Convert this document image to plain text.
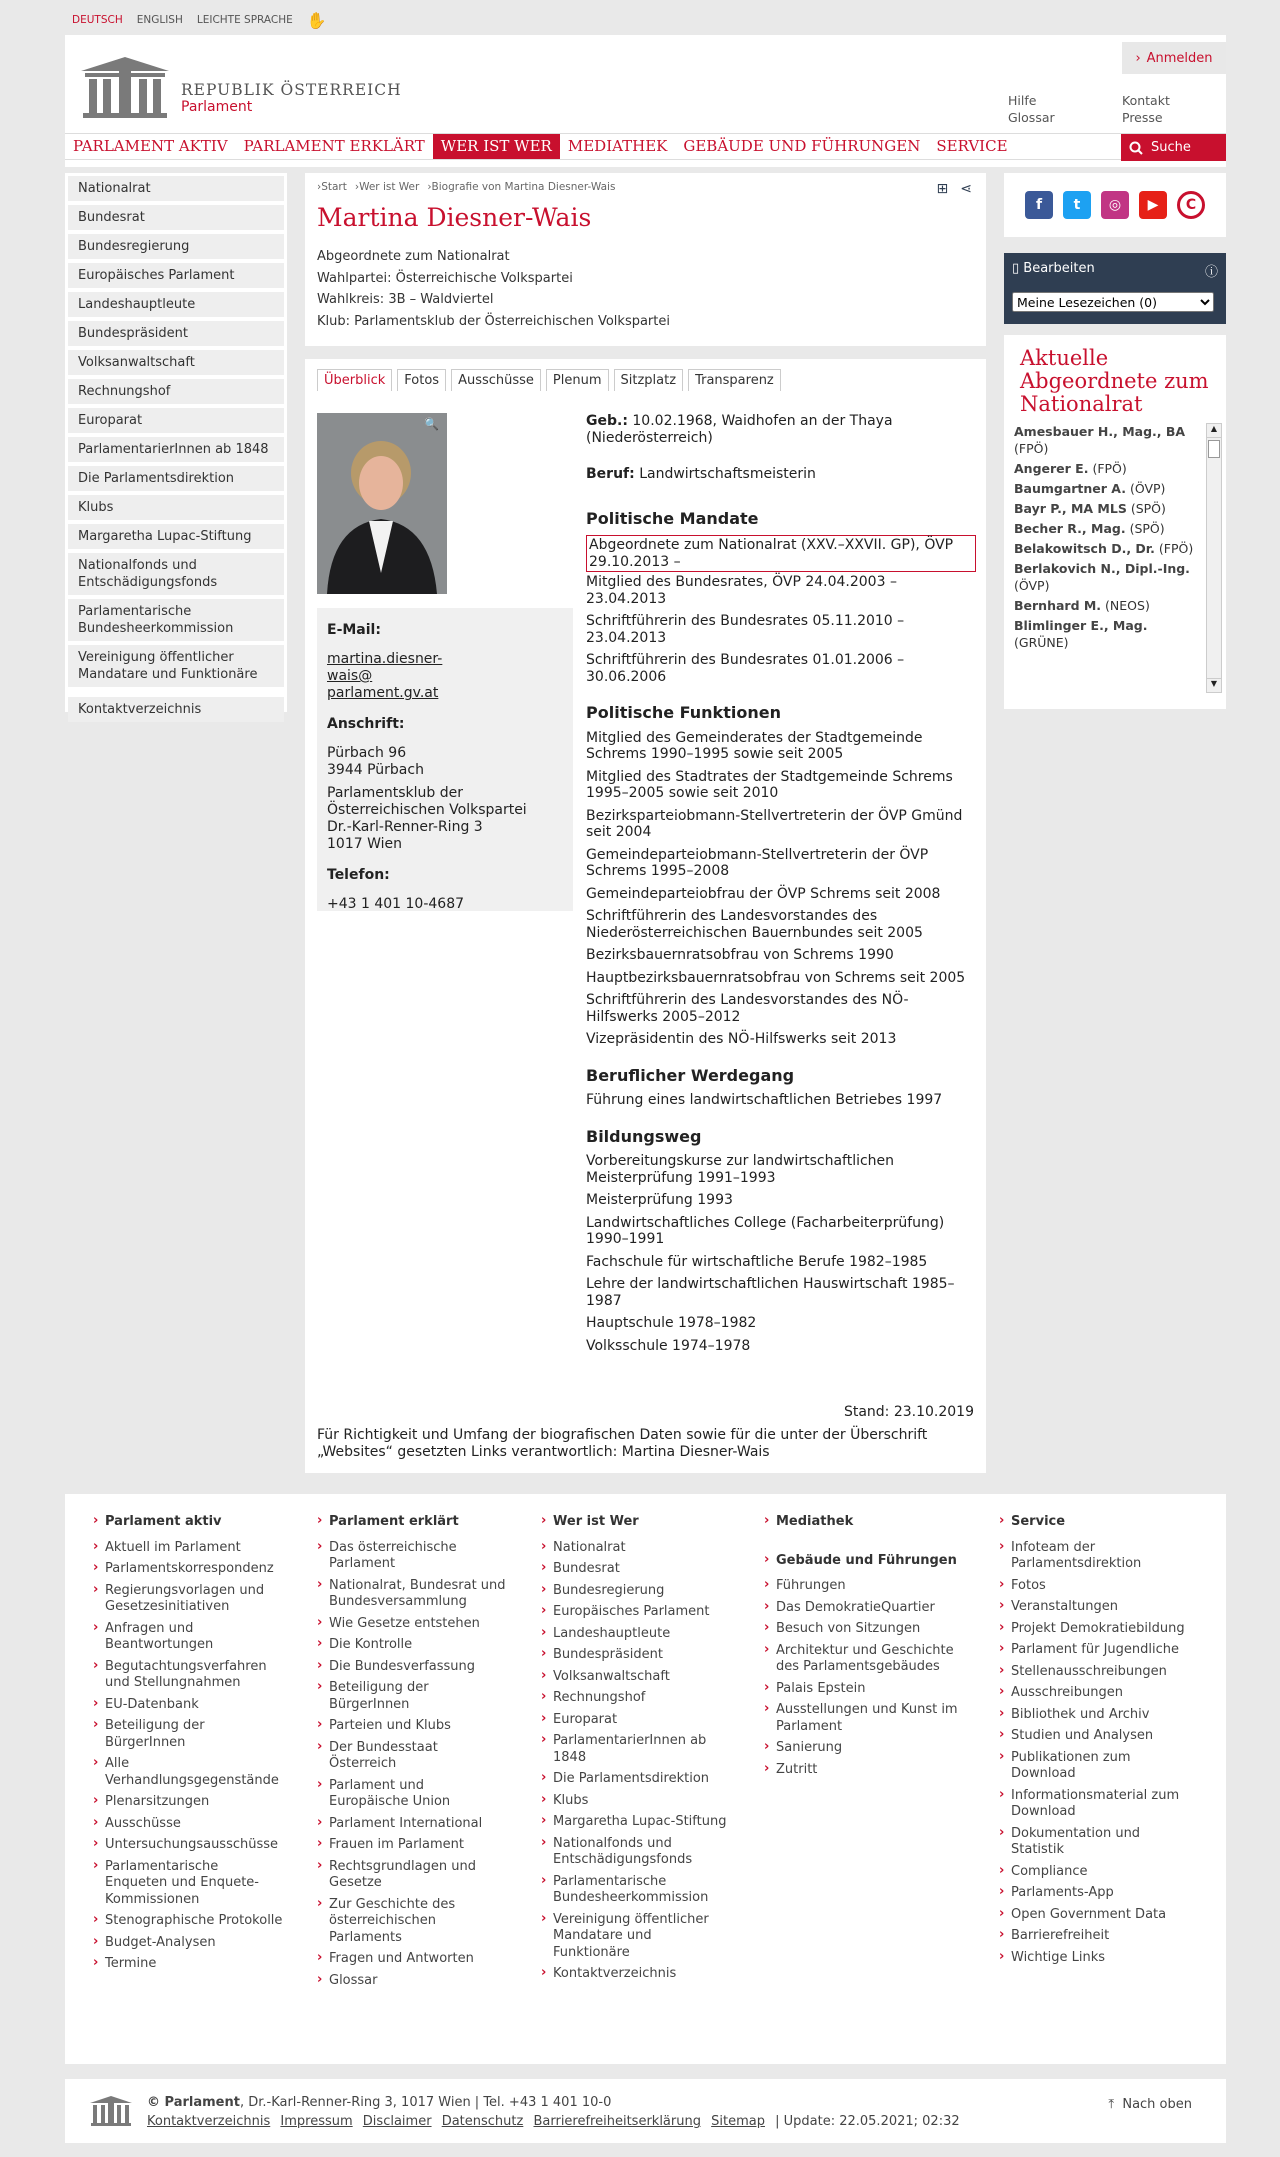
DEUTSCH ENGLISH LEICHTE SPRACHE ✋
REPUBLIK ÖSTERREICH
Parlament
› Anmelden
Hilfe
Glossar
Kontakt
Presse
PARLAMENT AKTIV	PARLAMENT ERKLÄRT	WER IST WER	MEDIATHEK	GEBÄUDE UND FÜHRUNGEN	SERVICE	Suche
Nationalrat
Bundesrat
Bundesregierung
Europäisches Parlament
Landeshauptleute
Bundespräsident
Volksanwaltschaft
Rechnungshof
Europarat
ParlamentarierInnen ab 1848
Die Parlamentsdirektion
Klubs
Margaretha Lupac-Stiftung
Nationalfonds und Entschädigungsfonds
Parlamentarische Bundesheerkommission
Vereinigung öffentlicher Mandatare und Funktionäre
Kontaktverzeichnis
›Start ›Wer ist Wer ›Biografie von Martina Diesner-Wais	⊞ ⋖
Martina Diesner-Wais
Abgeordnete zum Nationalrat
Wahlpartei: Österreichische Volkspartei
Wahlkreis: 3B – Waldviertel
Klub: Parlamentsklub der Österreichischen Volkspartei
Überblick	Fotos	Ausschüsse	Plenum	Sitzplatz	Transparenz
🔍
E-Mail:
martina.diesner-wais@ parlament.gv.at
Anschrift:
Pürbach 96
3944 Pürbach
Parlamentsklub der Österreichischen Volkspartei
Dr.-Karl-Renner-Ring 3
1017 Wien
Telefon:
+43 1 401 10-4687
Geb.: 10.02.1968, Waidhofen an der Thaya (Niederösterreich)
Beruf: Landwirtschaftsmeisterin
Politische Mandate
Abgeordnete zum Nationalrat (XXV.–XXVII. GP), ÖVP 29.10.2013 –
Mitglied des Bundesrates, ÖVP 24.04.2003 – 23.04.2013
Schriftführerin des Bundesrates 05.11.2010 – 23.04.2013
Schriftführerin des Bundesrates 01.01.2006 – 30.06.2006
Politische Funktionen
Mitglied des Gemeinderates der Stadtgemeinde Schrems 1990–1995 sowie seit 2005
Mitglied des Stadtrates der Stadtgemeinde Schrems 1995–2005 sowie seit 2010
Bezirksparteiobmann-Stellvertreterin der ÖVP Gmünd seit 2004
Gemeindeparteiobmann-Stellvertreterin der ÖVP Schrems 1995–2008
Gemeindeparteiobfrau der ÖVP Schrems seit 2008
Schriftführerin des Landesvorstandes des Niederösterreichischen Bauernbundes seit 2005
Bezirksbauernratsobfrau von Schrems 1990
Hauptbezirksbauernratsobfrau von Schrems seit 2005
Schriftführerin des Landesvorstandes des NÖ-Hilfswerks 2005–2012
Vizepräsidentin des NÖ-Hilfswerks seit 2013
Beruflicher Werdegang
Führung eines landwirtschaftlichen Betriebes 1997
Bildungsweg
Vorbereitungskurse zur landwirtschaftlichen Meisterprüfung 1991–1993
Meisterprüfung 1993
Landwirtschaftliches College (Facharbeiterprüfung) 1990–1991
Fachschule für wirtschaftliche Berufe 1982–1985
Lehre der landwirtschaftlichen Hauswirtschaft 1985–1987
Hauptschule 1978–1982
Volksschule 1974–1978
Stand: 23.10.2019
Für Richtigkeit und Umfang der biografischen Daten sowie für die unter der Überschrift „Websites“ gesetzten Links verantwortlich: Martina Diesner-Wais
f	t	◎	▶	C
▯ Bearbeiten	ⓘ
Meine Lesezeichen (0)
Aktuelle Abgeordnete zum Nationalrat
Amesbauer H., Mag., BA (FPÖ)
Angerer E. (FPÖ)
Baumgartner A. (ÖVP)
Bayr P., MA MLS (SPÖ)
Becher R., Mag. (SPÖ)
Belakowitsch D., Dr. (FPÖ)
Berlakovich N., Dipl.-Ing. (ÖVP)
Bernhard M. (NEOS)
Blimlinger E., Mag. (GRÜNE)
▲
▼
› Parlament aktiv
› Aktuell im Parlament
› Parlamentskorrespondenz
› Regierungsvorlagen und Gesetzesinitiativen
› Anfragen und Beantwortungen
› Begutachtungsverfahren und Stellungnahmen
› EU-Datenbank
› Beteiligung der BürgerInnen
› Alle Verhandlungsgegenstände
› Plenarsitzungen
› Ausschüsse
› Untersuchungsausschüsse
› Parlamentarische Enqueten und Enquete-Kommissionen
› Stenographische Protokolle
› Budget-Analysen
› Termine
› Parlament erklärt
› Das österreichische Parlament
› Nationalrat, Bundesrat und Bundesversammlung
› Wie Gesetze entstehen
› Die Kontrolle
› Die Bundesverfassung
› Beteiligung der BürgerInnen
› Parteien und Klubs
› Der Bundesstaat Österreich
› Parlament und Europäische Union
› Parlament International
› Frauen im Parlament
› Rechtsgrundlagen und Gesetze
› Zur Geschichte des österreichischen Parlaments
› Fragen und Antworten
› Glossar
› Wer ist Wer
› Nationalrat
› Bundesrat
› Bundesregierung
› Europäisches Parlament
› Landeshauptleute
› Bundespräsident
› Volksanwaltschaft
› Rechnungshof
› Europarat
› ParlamentarierInnen ab 1848
› Die Parlamentsdirektion
› Klubs
› Margaretha Lupac-Stiftung
› Nationalfonds und Entschädigungsfonds
› Parlamentarische Bundesheerkommission
› Vereinigung öffentlicher Mandatare und Funktionäre
› Kontaktverzeichnis
› Mediathek
› Gebäude und Führungen
› Führungen
› Das DemokratieQuartier
› Besuch von Sitzungen
› Architektur und Geschichte des Parlamentsgebäudes
› Palais Epstein
› Ausstellungen und Kunst im Parlament
› Sanierung
› Zutritt
› Service
› Infoteam der Parlamentsdirektion
› Fotos
› Veranstaltungen
› Projekt Demokratiebildung
› Parlament für Jugendliche
› Stellenausschreibungen
› Ausschreibungen
› Bibliothek und Archiv
› Studien und Analysen
› Publikationen zum Download
› Informationsmaterial zum Download
› Dokumentation und Statistik
› Compliance
› Parlaments-App
› Open Government Data
› Barrierefreiheit
› Wichtige Links
© Parlament, Dr.-Karl-Renner-Ring 3, 1017 Wien | Tel. +43 1 401 10-0
Kontaktverzeichnis Impressum Disclaimer Datenschutz Barrierefreiheitserklärung Sitemap | Update: 22.05.2021; 02:32
⤒ Nach oben
